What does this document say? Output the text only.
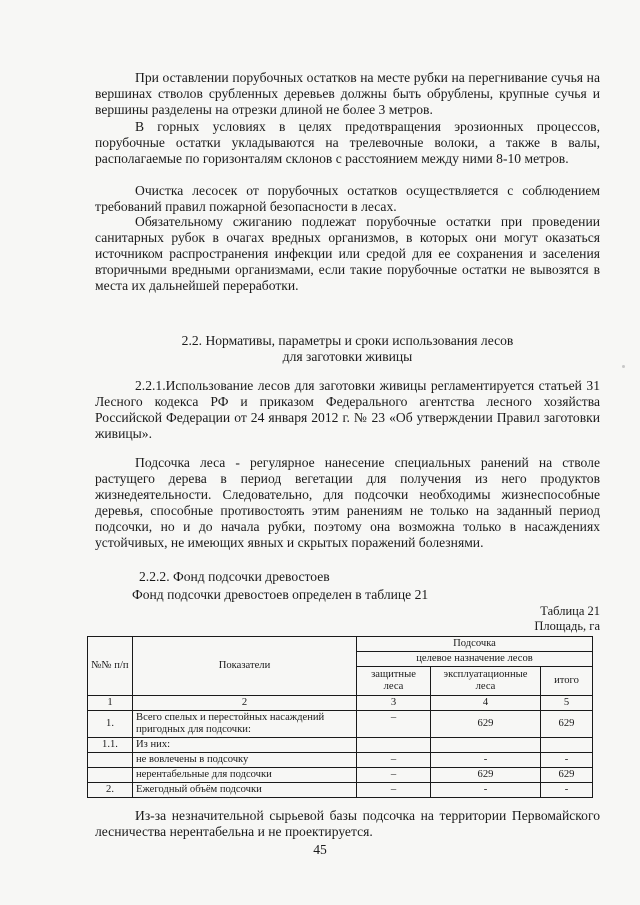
При оставлении порубочных остатков на месте рубки на перегнивание сучья на вершинах стволов срубленных деревьев должны быть обрублены, крупные сучья и вершины разделены на отрезки длиной не более 3 метров.
В горных условиях в целях предотвращения эрозионных процессов, порубочные остатки укладываются на трелевочные волоки, а также в валы, располагаемые по горизонталям склонов с расстоянием между ними 8-10 метров.
Очистка лесосек от порубочных остатков осуществляется с соблюдением требований правил пожарной безопасности в лесах.
Обязательному сжиганию подлежат порубочные остатки при проведении санитарных рубок в очагах вредных организмов, в которых они могут оказаться источником распространения инфекции или средой для ее сохранения и заселения вторичными вредными организмами, если такие порубочные остатки не вывозятся в места их дальнейшей переработки.
2.2. Нормативы, параметры и сроки использования лесов
для заготовки живицы
2.2.1.Использование лесов для заготовки живицы регламентируется статьей 31 Лесного кодекса РФ и приказом Федерального агентства лесного хозяйства Российской Федерации от 24 января 2012 г. № 23 «Об утверждении Правил заготовки живицы».
Подсочка леса - регулярное нанесение специальных ранений на стволе растущего дерева в период вегетации для получения из него продуктов жизнедеятельности. Следовательно, для подсочки необходимы жизнеспособные деревья, способные противостоять этим ранениям не только на заданный период подсочки, но и до начала рубки, поэтому она возможна только в насаждениях устойчивых, не имеющих явных и скрытых поражений болезнями.
2.2.2. Фонд подсочки древостоев
Фонд подсочки древостоев определен в таблице 21
Таблица 21
Площадь, га
№№ п/п	Показатели	Подсочка		
		целевое назначение лесов		
		защитные леса	эксплуатационные леса	итого
1	2	3	4	5
1.	Всего спелых и перестойных насаждений пригодных для подсочки:	–	629	629
1.1.	Из них:			
	не вовлечены в подсочку	–	-	-
	нерентабельные для подсочки	–	629	629
2.	Ежегодный объём подсочки	–	-	-
Из-за незначительной сырьевой базы подсочка на территории Первомайского лесничества нерентабельна и не проектируется.
45
